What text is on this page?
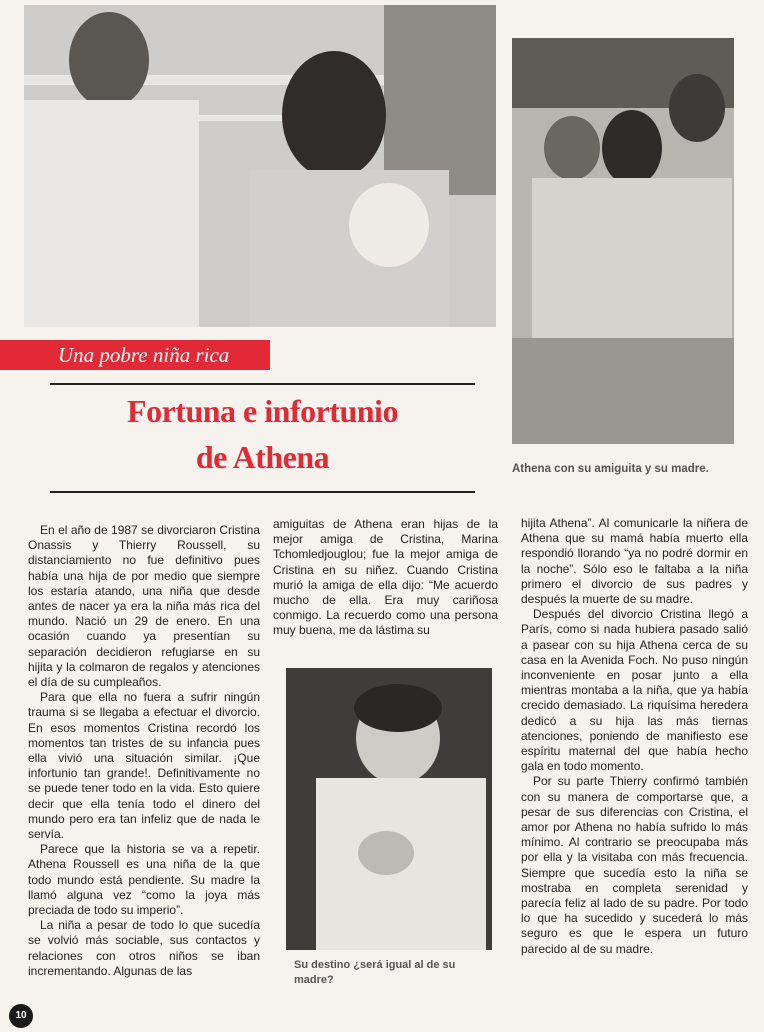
Una pobre niña rica
Fortuna e infortunio
de Athena	Athena con su amiguita y su madre.

En el año de 1987 se divorciaron Cristina Onassis y Thierry Roussell, su distanciamiento no fue definitivo pues había una hija de por medio que siempre los estaría atando, una niña que desde antes de nacer ya era la niña más rica del mundo. Nació un 29 de enero. En una ocasión cuando ya presentían su separación decidieron refugiarse en su hijita y la colmaron de regalos y atenciones el día de su cumpleaños.

Para que ella no fuera a sufrir ningún trauma si se llegaba a efectuar el divorcio. En esos momentos Cristina recordó los momentos tan tristes de su infancia pues ella vivió una situación similar. ¡Que infortunio tan grande!. Definitivamente no se puede tener todo en la vida. Esto quiere decir que ella tenía todo el dinero del mundo pero era tan infeliz que de nada le servía.

Parece que la historia se va a repetir. Athena Roussell es una niña de la que todo mundo está pendiente. Su madre la llamó alguna vez “como la joya más preciada de todo su imperio”.

La niña a pesar de todo lo que sucedía se volvió más sociable, sus contactos y relaciones con otros niños se iban incrementando. Algunas de las

amiguitas de Athena eran hijas de la mejor amiga de Cristina, Marina Tchomledjouglou; fue la mejor amiga de Cristina en su niñez. Cuando Cristina murió la amiga de ella dijo: “Me acuerdo mucho de ella. Era muy cariñosa conmigo. La recuerdo como una persona muy buena, me da lástima su

Su destino ¿será igual al de su madre?

hijita Athena”. Al comunicarle la niñera de Athena que su mamá había muerto ella respondió llorando “ya no podré dormir en la noche”. Sólo eso le faltaba a la niña primero el divorcio de sus padres y después la muerte de su madre.

Después del divorcio Cristina llegó a París, como si nada hubiera pasado salió a pasear con su hija Athena cerca de su casa en la Avenida Foch. No puso ningún inconveniente en posar junto a ella mientras montaba a la niña, que ya había crecido demasiado. La riquísima heredera dedicó a su hija las más tiernas atenciones, poniendo de manifiesto ese espíritu maternal del que había hecho gala en todo momento.

Por su parte Thierry confirmó también con su manera de comportarse que, a pesar de sus diferencias con Cristina, el amor por Athena no había sufrido lo más mínimo. Al contrario se preocupaba más por ella y la visitaba con más frecuencia. Siempre que sucedía esto la niña se mostraba en completa serenidad y parecía feliz al lado de su padre. Por todo lo que ha sucedido y sucederá lo más seguro es que le espera un futuro parecido al de su madre.

10
